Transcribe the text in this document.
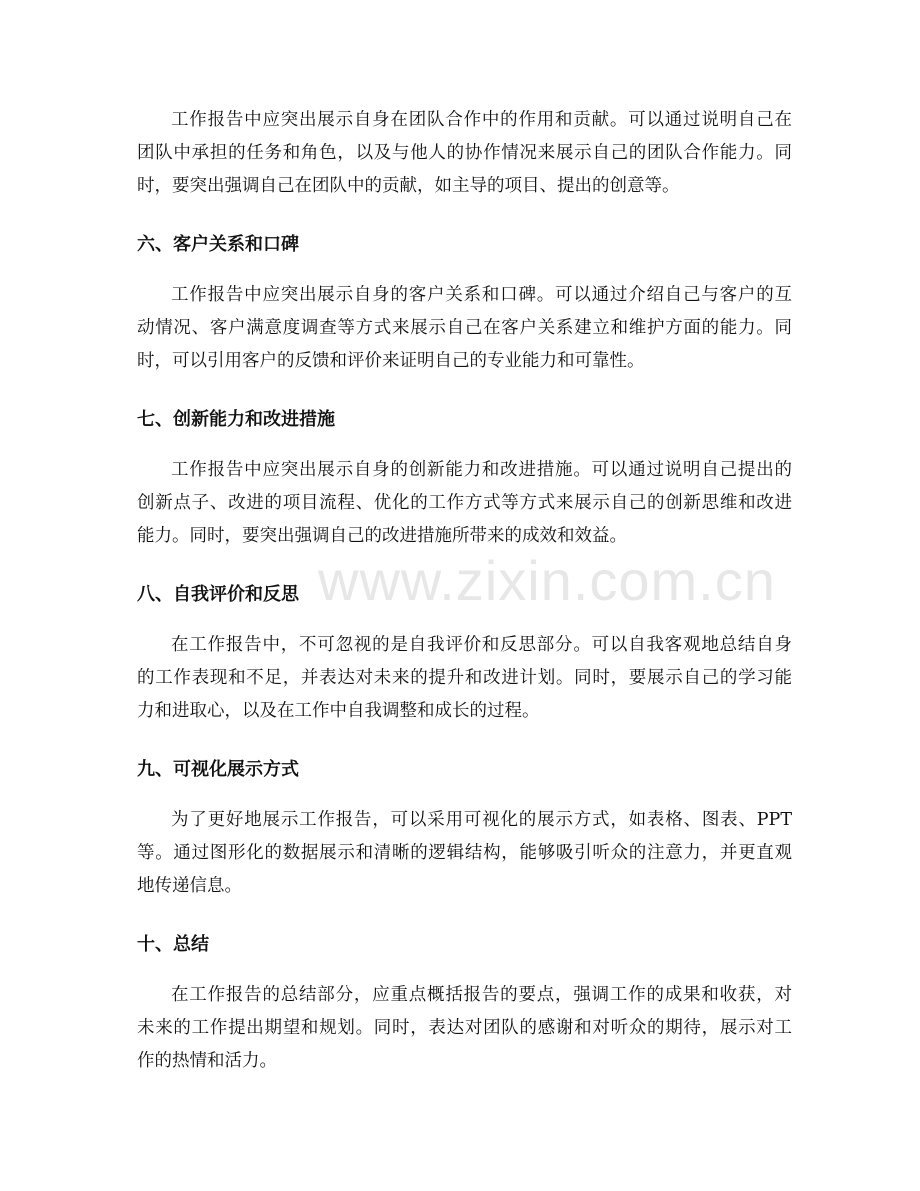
www.zixin.com.cn
工作报告中应突出展示自身在团队合作中的作用和贡献。可以通过说明自己在
团队中承担的任务和角色，以及与他人的协作情况来展示自己的团队合作能力。同
时，要突出强调自己在团队中的贡献，如主导的项目、提出的创意等。
六、客户关系和口碑
工作报告中应突出展示自身的客户关系和口碑。可以通过介绍自己与客户的互
动情况、客户满意度调查等方式来展示自己在客户关系建立和维护方面的能力。同
时，可以引用客户的反馈和评价来证明自己的专业能力和可靠性。
七、创新能力和改进措施
工作报告中应突出展示自身的创新能力和改进措施。可以通过说明自己提出的
创新点子、改进的项目流程、优化的工作方式等方式来展示自己的创新思维和改进
能力。同时，要突出强调自己的改进措施所带来的成效和效益。
八、自我评价和反思
在工作报告中，不可忽视的是自我评价和反思部分。可以自我客观地总结自身
的工作表现和不足，并表达对未来的提升和改进计划。同时，要展示自己的学习能
力和进取心，以及在工作中自我调整和成长的过程。
九、可视化展示方式
为了更好地展示工作报告，可以采用可视化的展示方式，如表格、图表、PPT
等。通过图形化的数据展示和清晰的逻辑结构，能够吸引听众的注意力，并更直观
地传递信息。
十、总结
在工作报告的总结部分，应重点概括报告的要点，强调工作的成果和收获，对
未来的工作提出期望和规划。同时，表达对团队的感谢和对听众的期待，展示对工
作的热情和活力。
